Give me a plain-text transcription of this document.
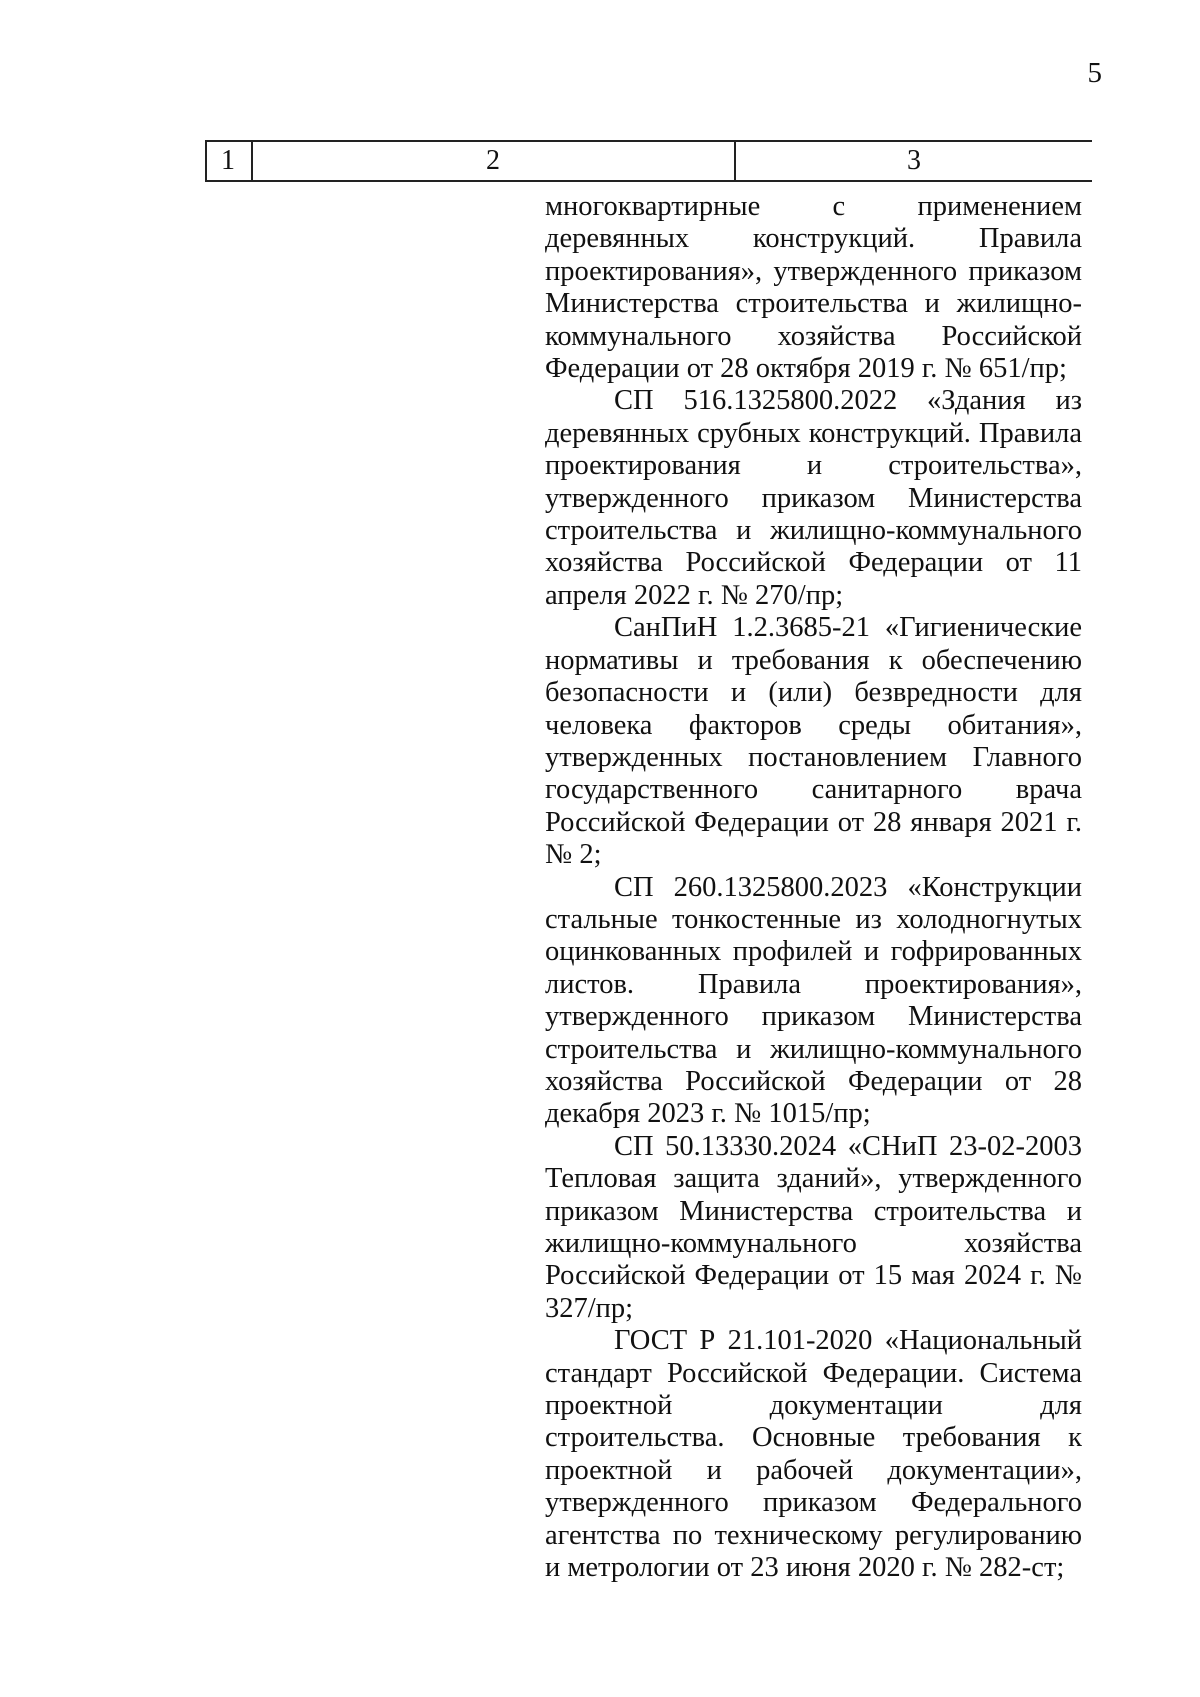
5
1	2	3

многоквартирные с применением деревянных конструкций. Правила проектирования», утвержденного приказом Министерства строительства и жилищно-коммунального хозяйства Российской Федерации от 28 октября 2019 г. № 651/пр;

СП 516.1325800.2022 «Здания из деревянных срубных конструкций. Правила проектирования и строительства», утвержденного приказом Министерства строительства и жилищно-коммунального хозяйства Российской Федерации от 11 апреля 2022 г. № 270/пр;

СанПиН 1.2.3685-21 «Гигиенические нормативы и требования к обеспечению безопасности и (или) безвредности для человека факторов среды обитания», утвержденных постановлением Главного государственного санитарного врача Российской Федерации от 28 января 2021 г. № 2;

СП 260.1325800.2023 «Конструкции стальные тонкостенные из холодногнутых оцинкованных профилей и гофрированных листов. Правила проектирования», утвержденного приказом Министерства строительства и жилищно-коммунального хозяйства Российской Федерации от 28 декабря 2023 г. № 1015/пр;

СП 50.13330.2024 «СНиП 23-02-2003 Тепловая защита зданий», утвержденного приказом Министерства строительства и жилищно-коммунального хозяйства Российской Федерации от 15 мая 2024 г. № 327/пр;

ГОСТ Р 21.101-2020 «Национальный стандарт Российской Федерации. Система проектной документации для строительства. Основные требования к проектной и рабочей документации», утвержденного приказом Федерального агентства по техническому регулированию и метрологии от 23 июня 2020 г. № 282-ст;
